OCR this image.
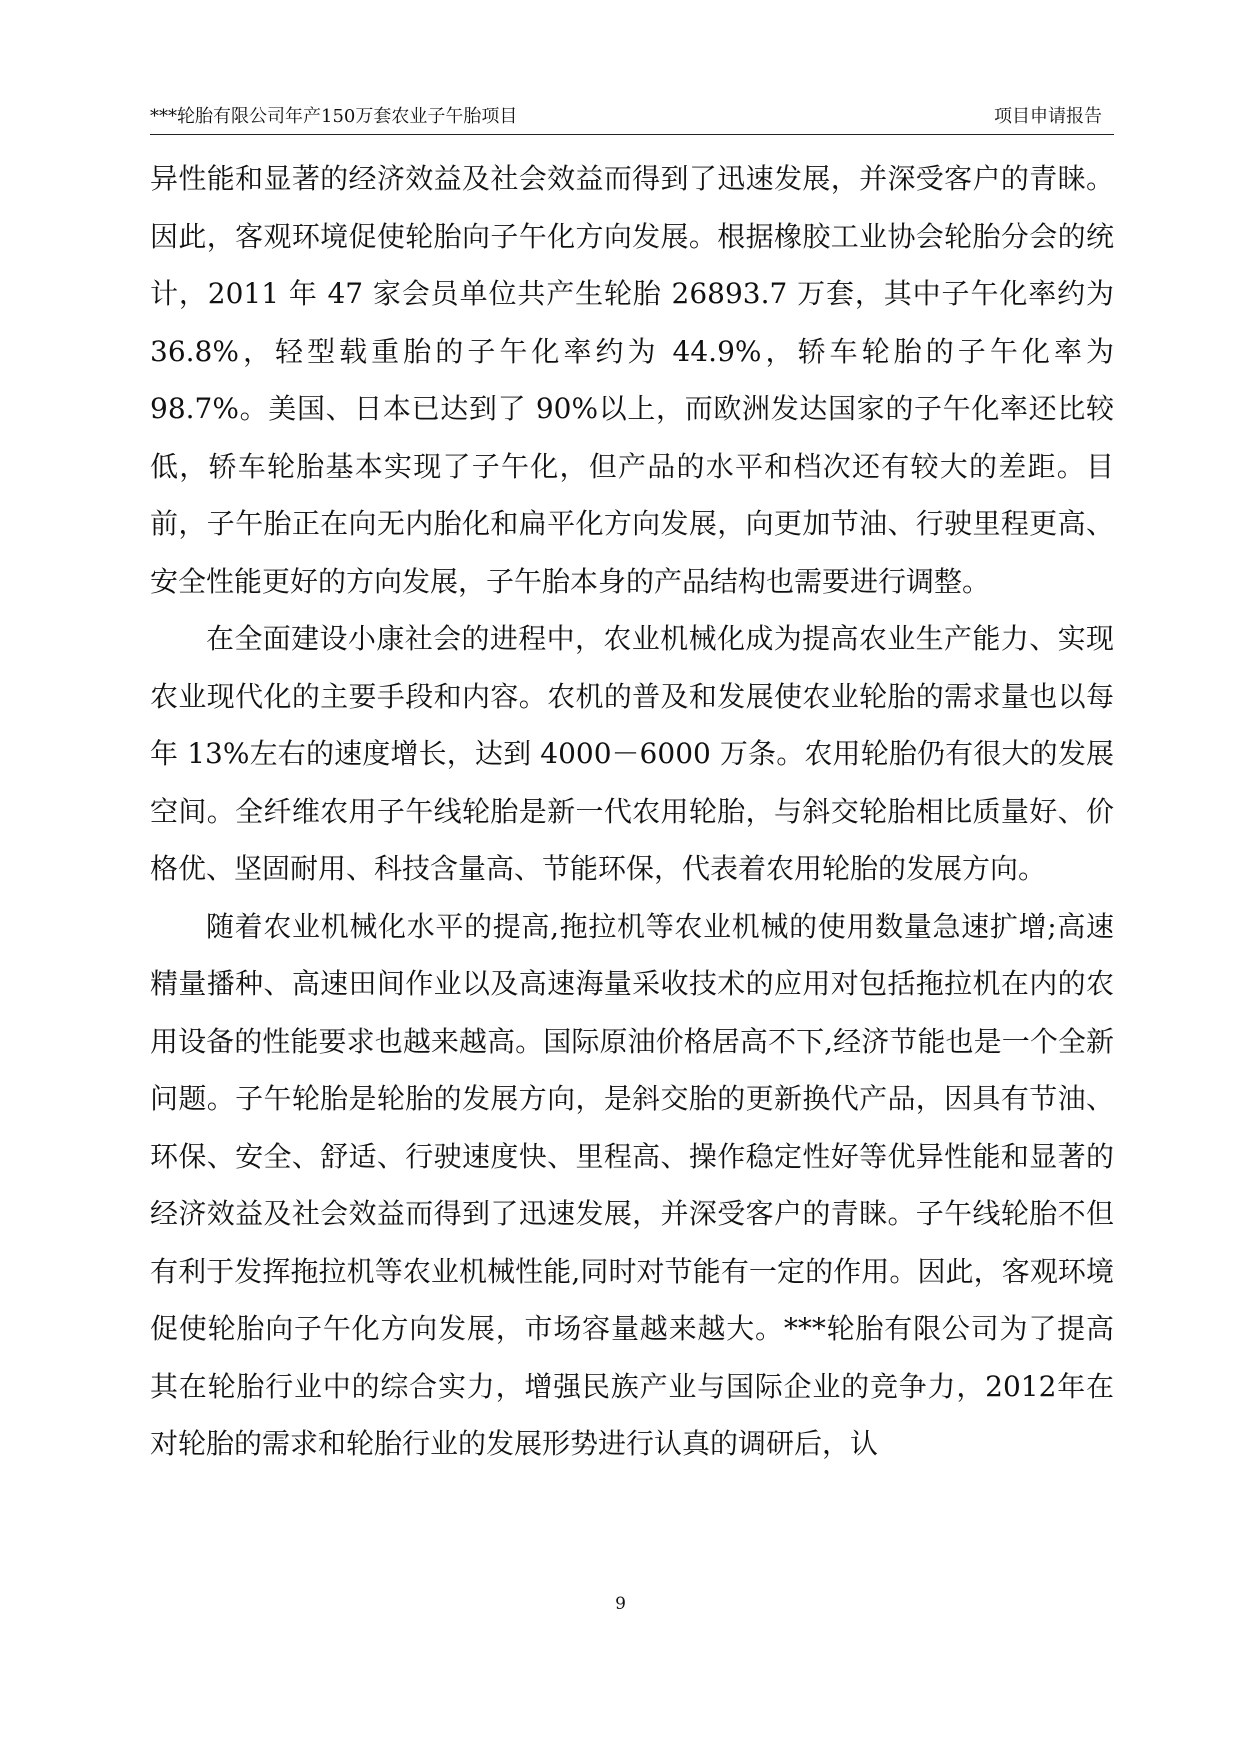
***轮胎有限公司年产150万套农业子午胎项目	项目申请报告

异性能和显著的经济效益及社会效益而得到了迅速发展，并深受客户的青睐。因此，客观环境促使轮胎向子午化方向发展。根据橡胶工业协会轮胎分会的统计，2011 年 47 家会员单位共产生轮胎 26893.7 万套，其中子午化率约为 36.8%，轻型载重胎的子午化率约为 44.9%，轿车轮胎的子午化率为 98.7%。美国、日本已达到了 90%以上，而欧洲发达国家的子午化率还比较低，轿车轮胎基本实现了子午化，但产品的水平和档次还有较大的差距。目前，子午胎正在向无内胎化和扁平化方向发展，向更加节油、行驶里程更高、安全性能更好的方向发展，子午胎本身的产品结构也需要进行调整。

在全面建设小康社会的进程中，农业机械化成为提高农业生产能力、实现农业现代化的主要手段和内容。农机的普及和发展使农业轮胎的需求量也以每年 13%左右的速度增长，达到 4000－6000 万条。农用轮胎仍有很大的发展空间。全纤维农用子午线轮胎是新一代农用轮胎，与斜交轮胎相比质量好、价格优、坚固耐用、科技含量高、节能环保，代表着农用轮胎的发展方向。

随着农业机械化水平的提高,拖拉机等农业机械的使用数量急速扩增;高速精量播种、高速田间作业以及高速海量采收技术的应用对包括拖拉机在内的农用设备的性能要求也越来越高。国际原油价格居高不下,经济节能也是一个全新问题。子午轮胎是轮胎的发展方向，是斜交胎的更新换代产品，因具有节油、环保、安全、舒适、行驶速度快、里程高、操作稳定性好等优异性能和显著的经济效益及社会效益而得到了迅速发展，并深受客户的青睐。子午线轮胎不但有利于发挥拖拉机等农业机械性能,同时对节能有一定的作用。因此，客观环境促使轮胎向子午化方向发展，市场容量越来越大。***轮胎有限公司为了提高其在轮胎行业中的综合实力，增强民族产业与国际企业的竞争力，2012年在对轮胎的需求和轮胎行业的发展形势进行认真的调研后，认

9
